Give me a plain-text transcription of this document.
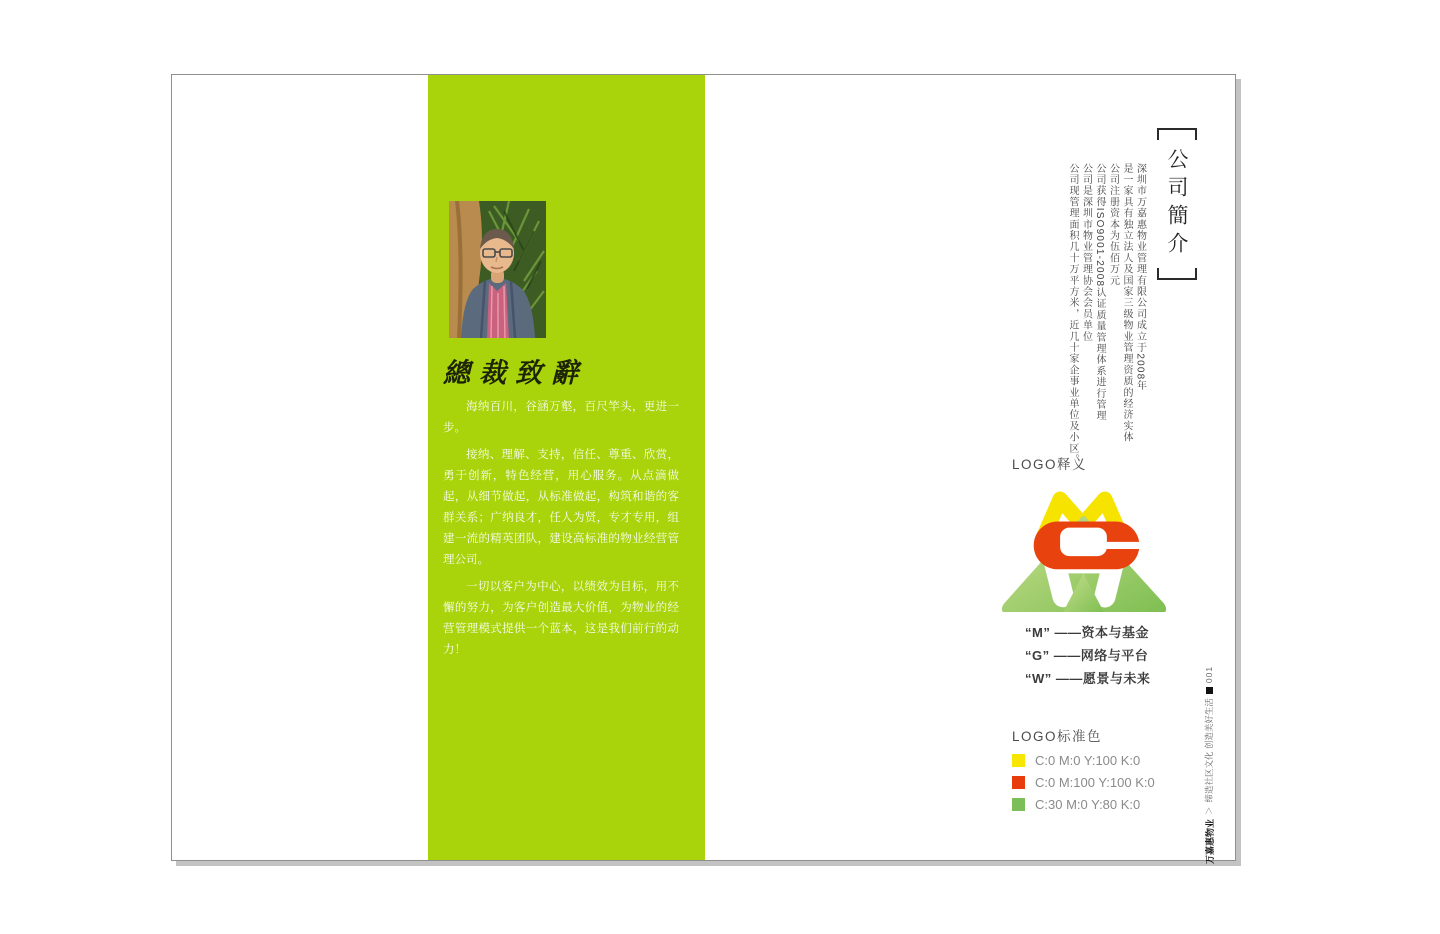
總裁致辭

海纳百川，谷涵万壑，百尺竿头，更进一步。

接纳、理解、支持，信任、尊重、欣赏，勇于创新，特色经营，用心服务。从点滴做起，从细节做起，从标准做起，构筑和谐的客群关系；广纳良才，任人为贤，专才专用，组建一流的精英团队，建设高标准的物业经营管理公司。

一切以客户为中心，以绩效为目标，用不懈的努力，为客户创造最大价值，为物业的经营管理模式提供一个蓝本，这是我们前行的动力！

公司簡介

深圳市万嘉惠物业管理有限公司成立于2008年

是一家具有独立法人及国家三级物业管理资质的经济实体

公司注册资本为伍佰万元

公司获得ISO9001-2008认证质量管理体系进行管理

公司是深圳市物业管理协会会员单位

公司现管理面积几十万平方米，近几十家企事业单位及小区。

LOGO释义
“M” ——资本与基金
“G” ——网络与平台
“W” ——愿景与未来
LOGO标准色
C:0 M:0 Y:100 K:0
C:0 M:100 Y:100 K:0
C:30 M:0 Y:80 K:0
万嘉惠物业
＞
缔造社区文化 创造美好生活
001
